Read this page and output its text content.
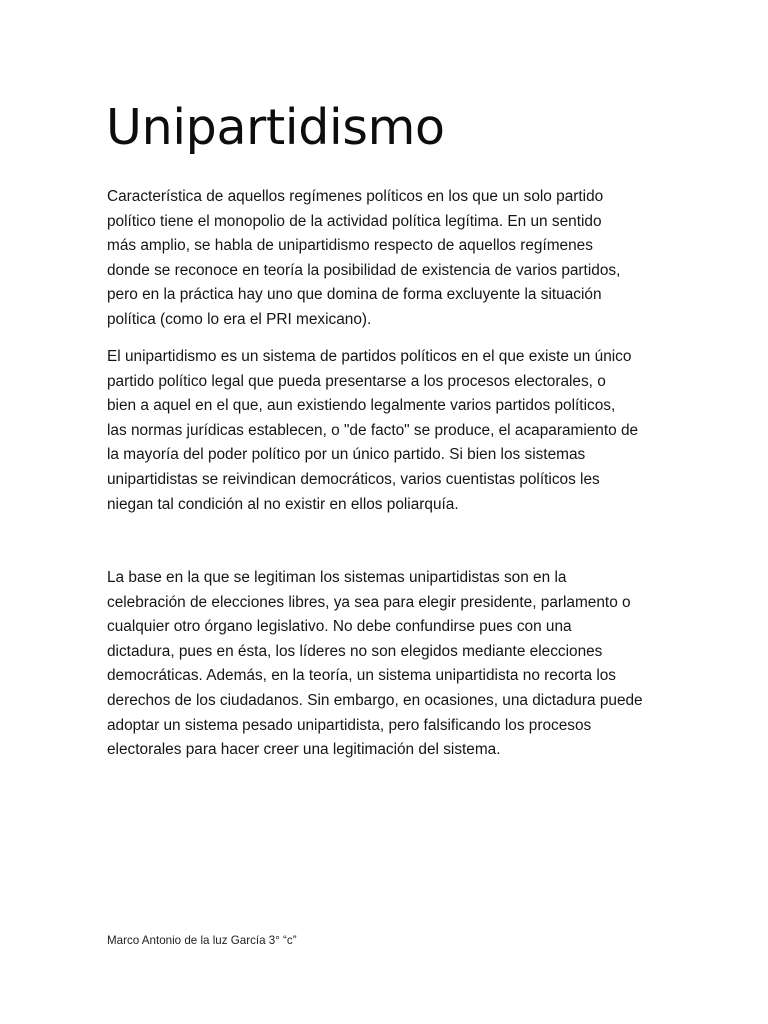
Unipartidismo

Característica de aquellos regímenes políticos en los que un solo partido
político tiene el monopolio de la actividad política legítima. En un sentido
más amplio, se habla de unipartidismo respecto de aquellos regímenes
donde se reconoce en teoría la posibilidad de existencia de varios partidos,
pero en la práctica hay uno que domina de forma excluyente la situación
política (como lo era el PRI mexicano).

El unipartidismo es un sistema de partidos políticos en el que existe un único
partido político legal que pueda presentarse a los procesos electorales, o
bien a aquel en el que, aun existiendo legalmente varios partidos políticos,
las normas jurídicas establecen, o "de facto" se produce, el acaparamiento de
la mayoría del poder político por un único partido. Si bien los sistemas
unipartidistas se reivindican democráticos, varios cuentistas políticos les
niegan tal condición al no existir en ellos poliarquía.

La base en la que se legitiman los sistemas unipartidistas son en la
celebración de elecciones libres, ya sea para elegir presidente, parlamento o
cualquier otro órgano legislativo. No debe confundirse pues con una
dictadura, pues en ésta, los líderes no son elegidos mediante elecciones
democráticas. Además, en la teoría, un sistema unipartidista no recorta los
derechos de los ciudadanos. Sin embargo, en ocasiones, una dictadura puede
adoptar un sistema pesado unipartidista, pero falsificando los procesos
electorales para hacer creer una legitimación del sistema.

Marco Antonio de la luz García 3° “c”
